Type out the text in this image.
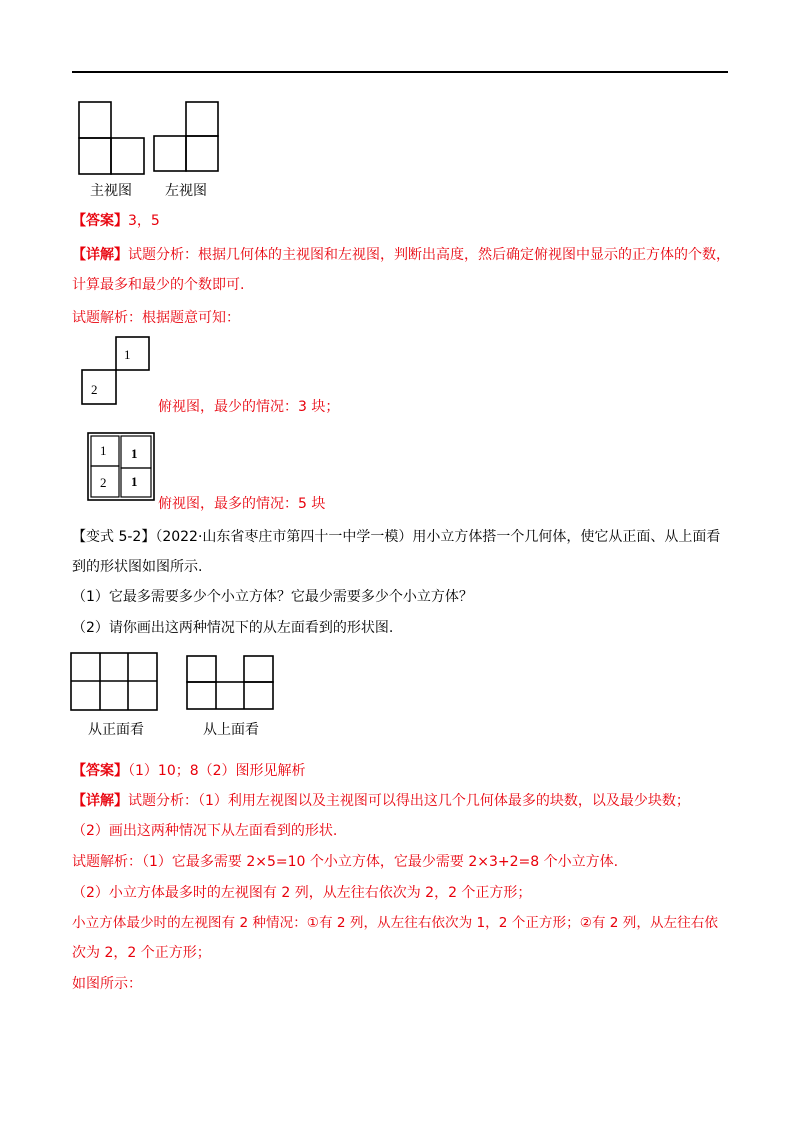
主视图 左视图
【答案】3，5
【详解】试题分析：根据几何体的主视图和左视图，判断出高度，然后确定俯视图中显示的正方体的个数，
计算最多和最少的个数即可.
试题解析：根据题意可知：
1
2
俯视图，最少的情况：3 块；
1 1
2 1
俯视图，最多的情况：5 块
【变式 5-2】（2022·山东省枣庄市第四十一中学一模）用小立方体搭一个几何体，使它从正面、从上面看
到的形状图如图所示.
（1）它最多需要多少个小立方体？它最少需要多少个小立方体？
（2）请你画出这两种情况下的从左面看到的形状图.
从正面看	从上面看
【答案】（1）10；8（2）图形见解析
【详解】试题分析：（1）利用左视图以及主视图可以得出这几个几何体最多的块数，以及最少块数；
（2）画出这两种情况下从左面看到的形状.
试题解析：（1）它最多需要 2×5=10 个小立方体，它最少需要 2×3+2=8 个小立方体.
（2）小立方体最多时的左视图有 2 列，从左往右依次为 2，2 个正方形；
小立方体最少时的左视图有 2 种情况：①有 2 列，从左往右依次为 1，2 个正方形；②有 2 列，从左往右依
次为 2，2 个正方形；
如图所示：
